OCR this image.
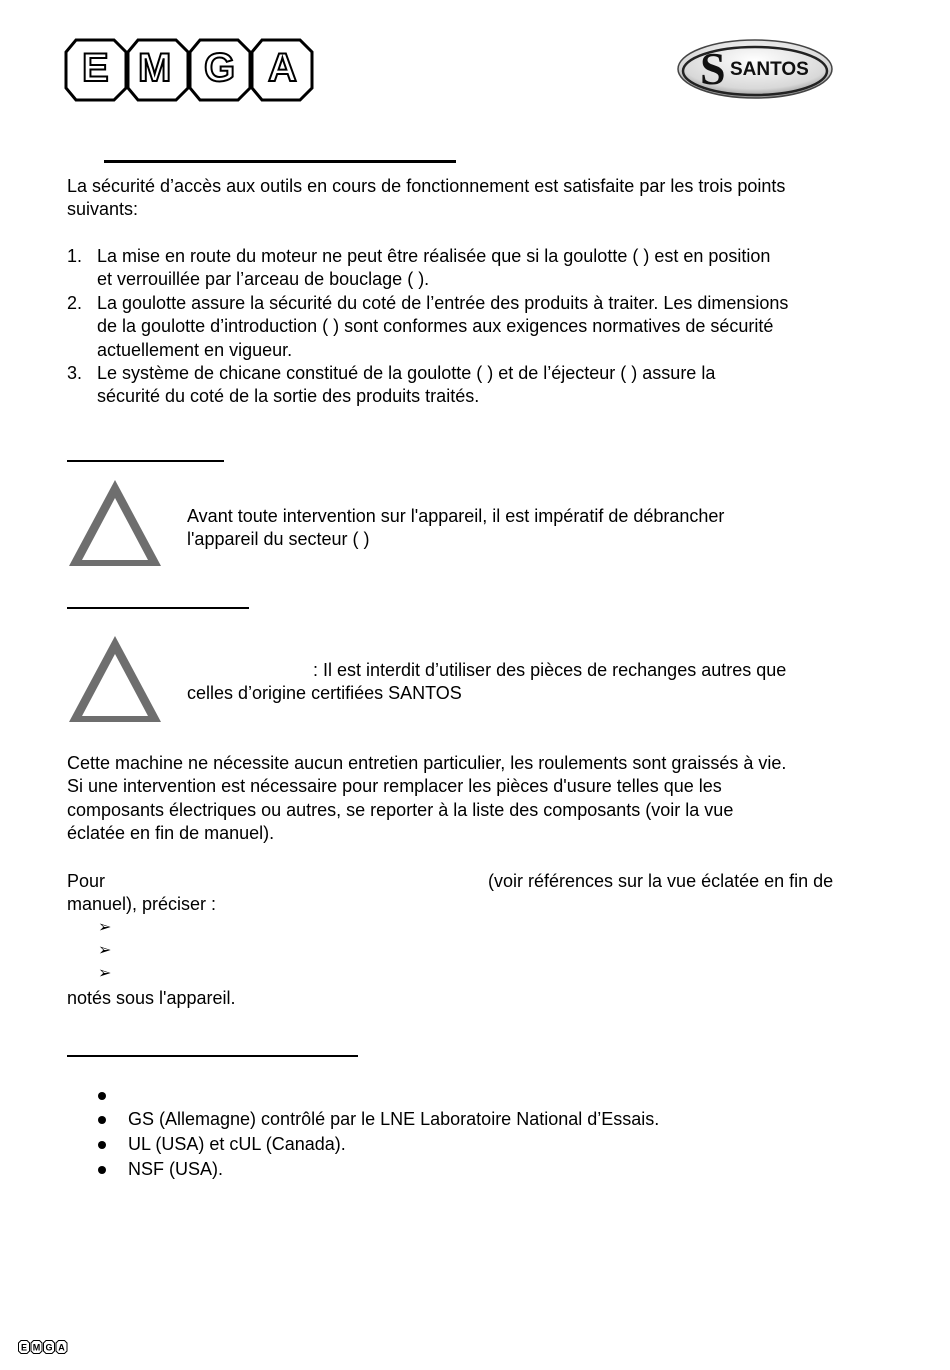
E M G A	S SANTOS
La sécurité d’accès aux outils en cours de fonctionnement est satisfaite par les trois points
suivants:
1. La mise en route du moteur ne peut être réalisée que si la goulotte ( ) est en position
et verrouillée par l’arceau de bouclage ( ).
2. La goulotte assure la sécurité du coté de l’entrée des produits à traiter. Les dimensions
de la goulotte d’introduction ( ) sont conformes aux exigences normatives de sécurité
actuellement en vigueur.
3. Le système de chicane constitué de la goulotte ( ) et de l’éjecteur ( ) assure la
sécurité du coté de la sortie des produits traités.
Avant toute intervention sur l'appareil, il est impératif de débrancher
l'appareil du secteur ( )
: Il est interdit d’utiliser des pièces de rechanges autres que
celles d’origine certifiées SANTOS
Cette machine ne nécessite aucun entretien particulier, les roulements sont graissés à vie.
Si une intervention est nécessaire pour remplacer les pièces d'usure telles que les
composants électriques ou autres, se reporter à la liste des composants (voir la vue
éclatée en fin de manuel).
Pour	(voir références sur la vue éclatée en fin de
manuel), préciser :
➢
➢
➢
notés sous l'appareil.
GS (Allemagne) contrôlé par le LNE Laboratoire National d’Essais.
UL (USA) et cUL (Canada).
NSF (USA).
E M G A
